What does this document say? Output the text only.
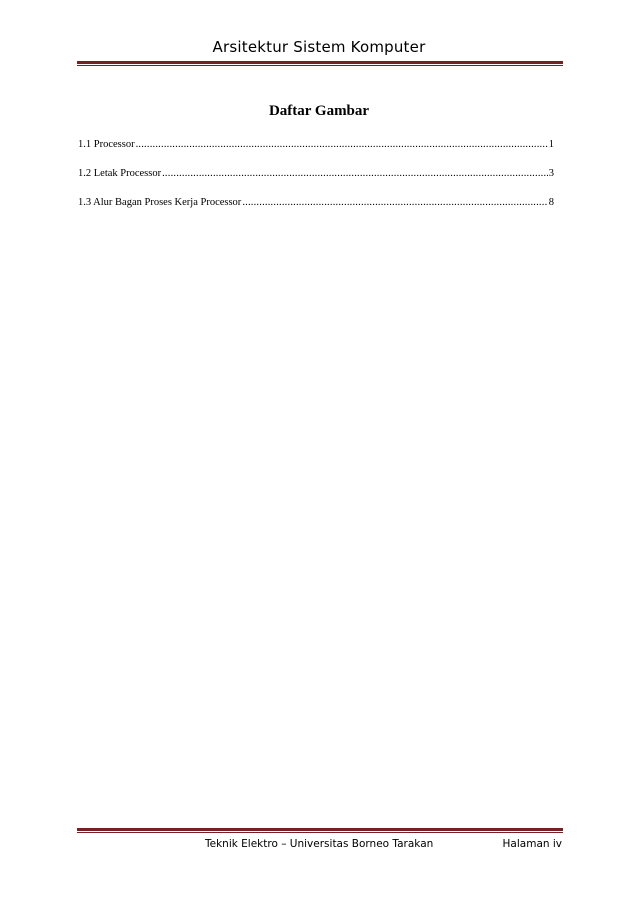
Arsitektur Sistem Komputer
Daftar Gambar
1.1 Processor .....	1
1.2 Letak Processor .....	3
1.3 Alur Bagan Proses Kerja Processor .....	8
Teknik Elektro – Universitas Borneo Tarakan	Halaman iv
